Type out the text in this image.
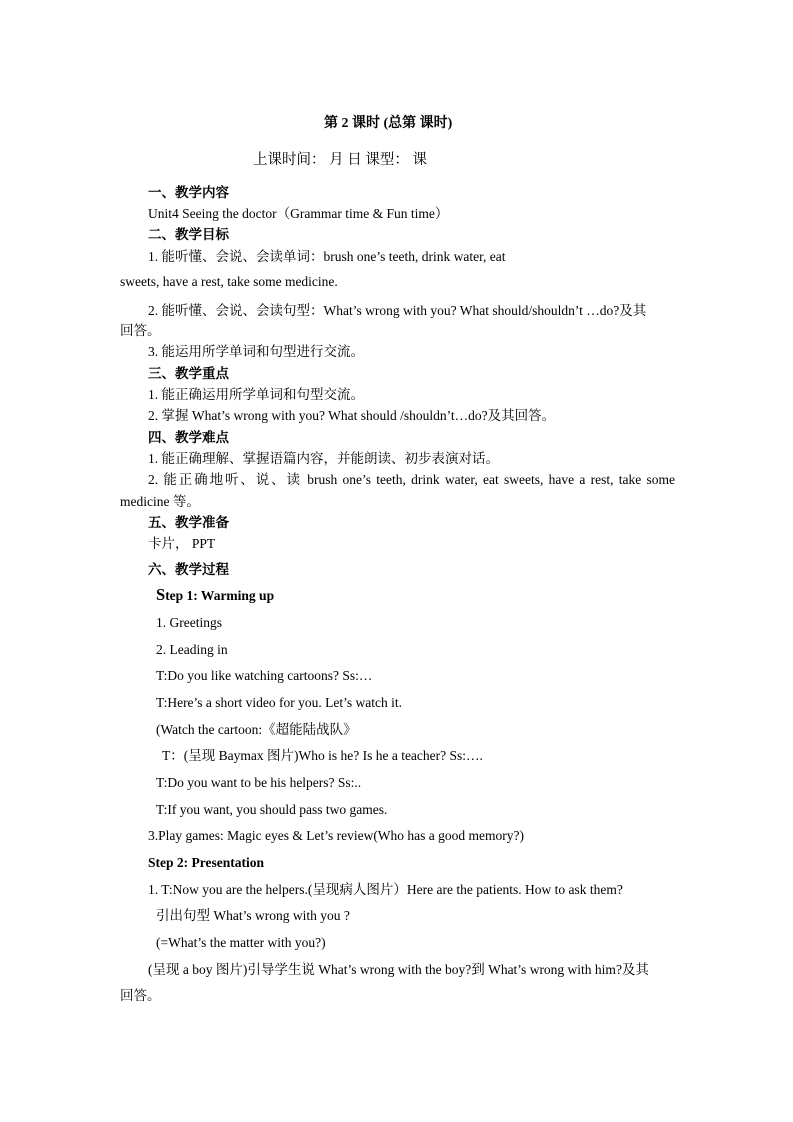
第 2 课时 (总第 课时)
上课时间： 月 日 课型： 课
一、教学内容
Unit4 Seeing the doctor（Grammar time & Fun time）
二、教学目标
1. 能听懂、会说、会读单词：brush one’s teeth, drink water, eat
sweets, have a rest, take some medicine.
2. 能听懂、会说、会读句型：What’s wrong with you? What should/shouldn’t …do?及其
回答。
3. 能运用所学单词和句型进行交流。
三、教学重点
1. 能正确运用所学单词和句型交流。
2. 掌握 What’s wrong with you? What should /shouldn’t…do?及其回答。
四、教学难点
1. 能正确理解、掌握语篇内容，并能朗读、初步表演对话。
2. 能正确地听、说、读 brush one’s teeth, drink water, eat sweets, have a rest, take some
medicine 等。
五、教学准备
卡片， PPT
六、教学过程
Step 1: Warming up
1. Greetings
2. Leading in
T:Do you like watching cartoons? Ss:…
T:Here’s a short video for you. Let’s watch it.
(Watch the cartoon:《超能陆战队》
T：(呈现 Baymax 图片)Who is he? Is he a teacher? Ss:….
T:Do you want to be his helpers? Ss:..
T:If you want, you should pass two games.
3.Play games: Magic eyes & Let’s review(Who has a good memory?)
Step 2: Presentation
1. T:Now you are the helpers.(呈现病人图片）Here are the patients. How to ask them?
引出句型 What’s wrong with you ?
(=What’s the matter with you?)
(呈现 a boy 图片)引导学生说 What’s wrong with the boy?到 What’s wrong with him?及其
回答。
